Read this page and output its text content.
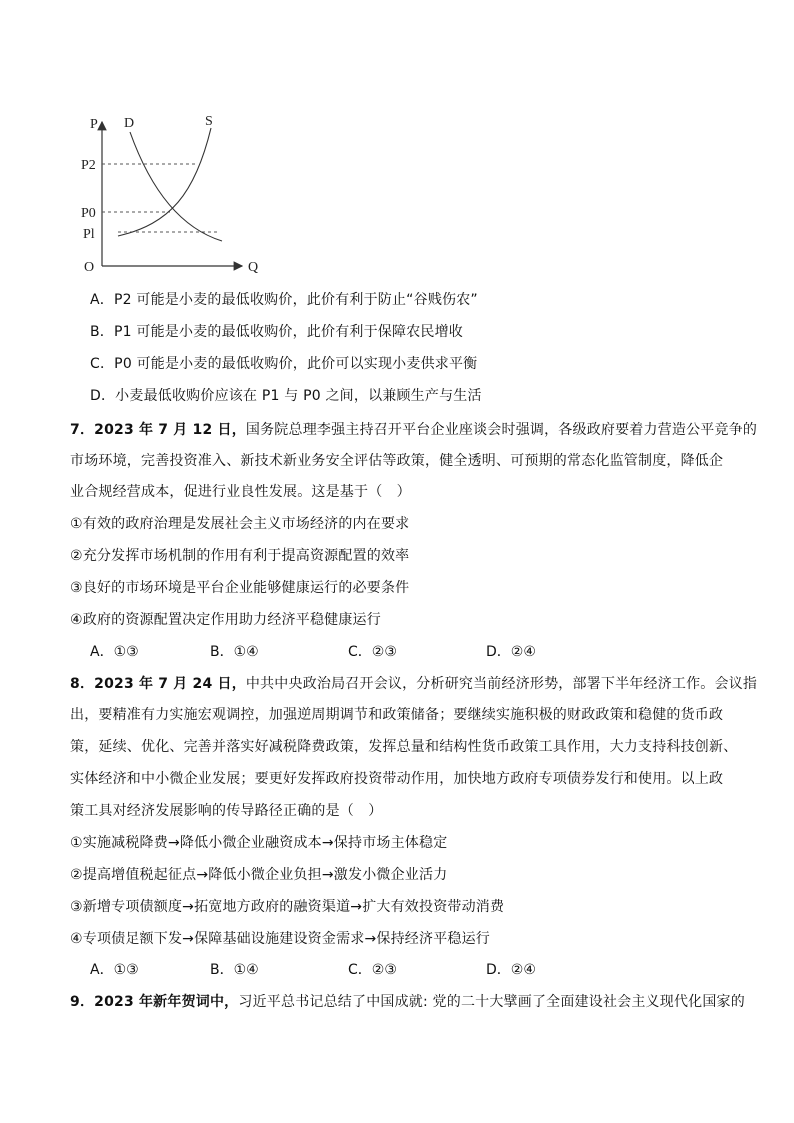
P D	S
P2
P0
Pl
O	Q
A．P2 可能是小麦的最低收购价，此价有利于防止“谷贱伤农”
B．P1 可能是小麦的最低收购价，此价有利于保障农民增收
C．P0 可能是小麦的最低收购价，此价可以实现小麦供求平衡
D．小麦最低收购价应该在 P1 与 P0 之间，以兼顾生产与生活
7．2023 年 7 月 12 日，国务院总理李强主持召开平台企业座谈会时强调，各级政府要着力营造公平竞争的
市场环境，完善投资准入、新技术新业务安全评估等政策，健全透明、可预期的常态化监管制度，降低企
业合规经营成本，促进行业良性发展。这是基于（　）
①有效的政府治理是发展社会主义市场经济的内在要求
②充分发挥市场机制的作用有利于提高资源配置的效率
③良好的市场环境是平台企业能够健康运行的必要条件
④政府的资源配置决定作用助力经济平稳健康运行
A．①③	B．①④	C．②③	D．②④
8．2023 年 7 月 24 日，中共中央政治局召开会议，分析研究当前经济形势，部署下半年经济工作。会议指
出，要精准有力实施宏观调控，加强逆周期调节和政策储备；要继续实施积极的财政政策和稳健的货币政
策，延续、优化、完善并落实好减税降费政策，发挥总量和结构性货币政策工具作用，大力支持科技创新、
实体经济和中小微企业发展；要更好发挥政府投资带动作用，加快地方政府专项债券发行和使用。以上政
策工具对经济发展影响的传导路径正确的是（　）
①实施减税降费→降低小微企业融资成本→保持市场主体稳定
②提高增值税起征点→降低小微企业负担→激发小微企业活力
③新增专项债额度→拓宽地方政府的融资渠道→扩大有效投资带动消费
④专项债足额下发→保障基础设施建设资金需求→保持经济平稳运行
A．①③	B．①④	C．②③	D．②④
9．2023 年新年贺词中，习近平总书记总结了中国成就: 党的二十大擘画了全面建设社会主义现代化国家的
